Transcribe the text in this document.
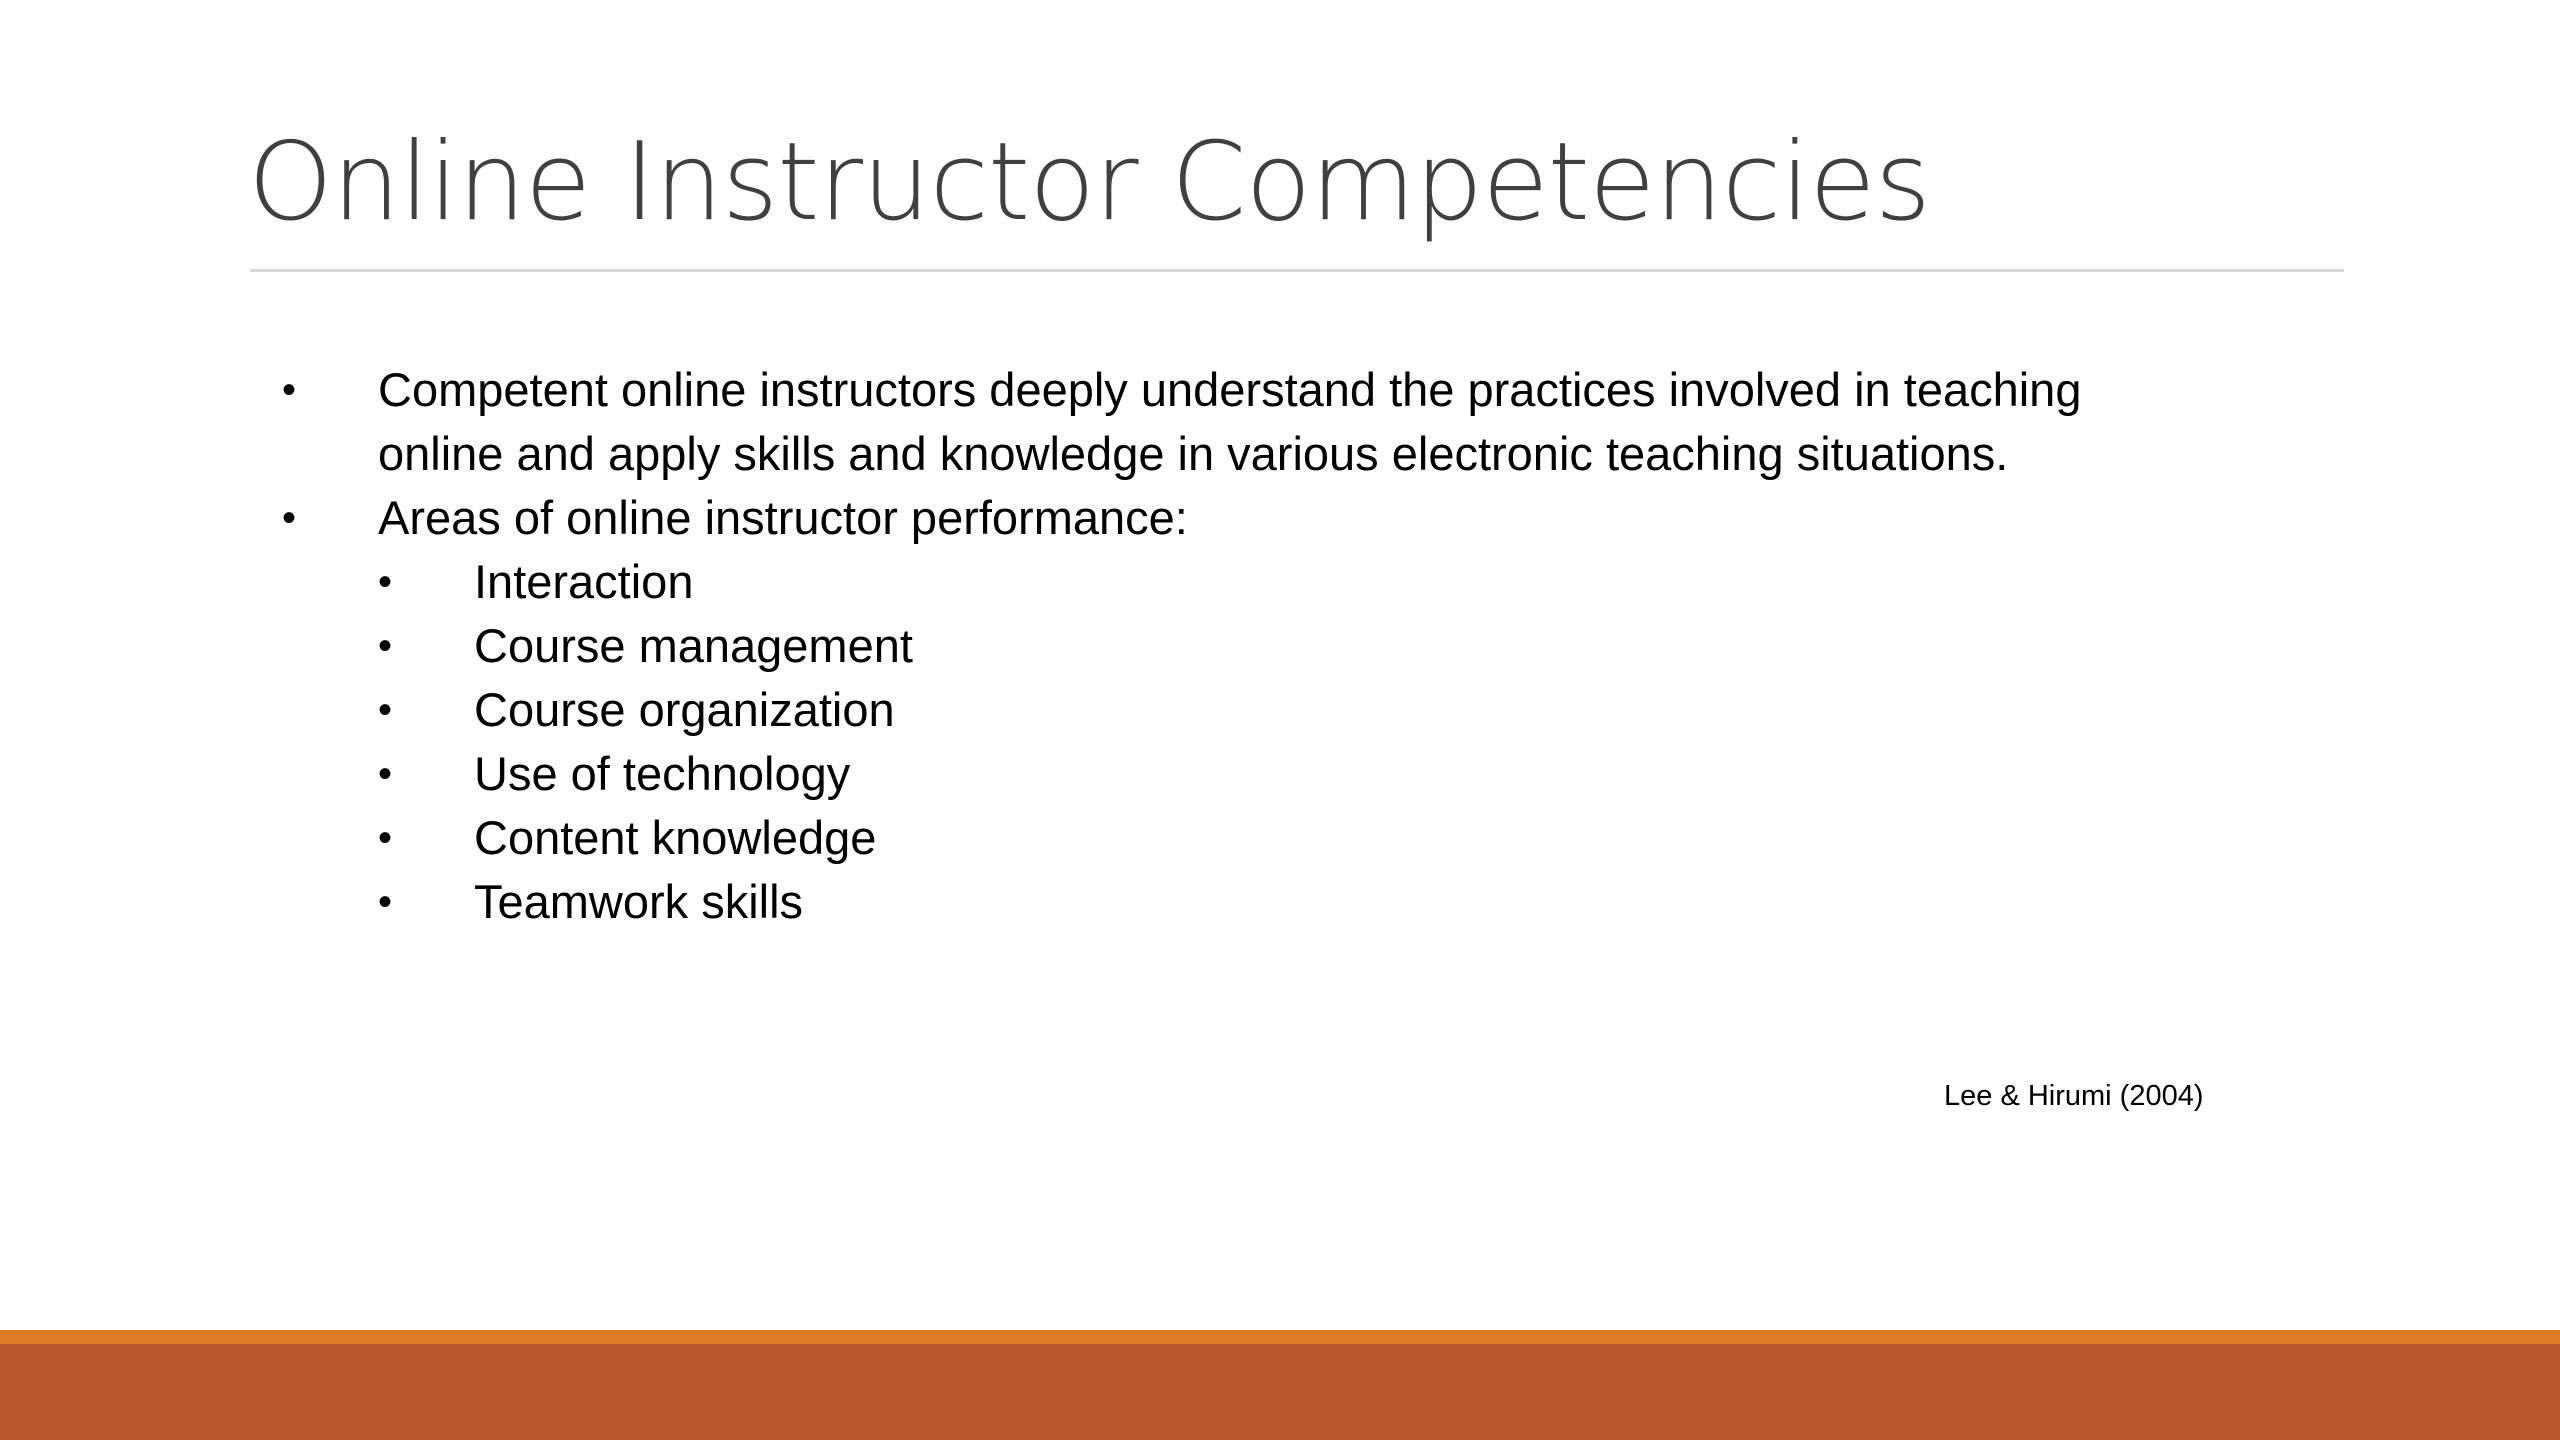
Online Instructor Competencies
•	Competent online instructors deeply understand the practices involved in teaching online and apply skills and knowledge in various electronic teaching situations.
•	Areas of online instructor performance:
•	Interaction
•	Course management
•	Course organization
•	Use of technology
•	Content knowledge
•	Teamwork skills
Lee & Hirumi (2004)
